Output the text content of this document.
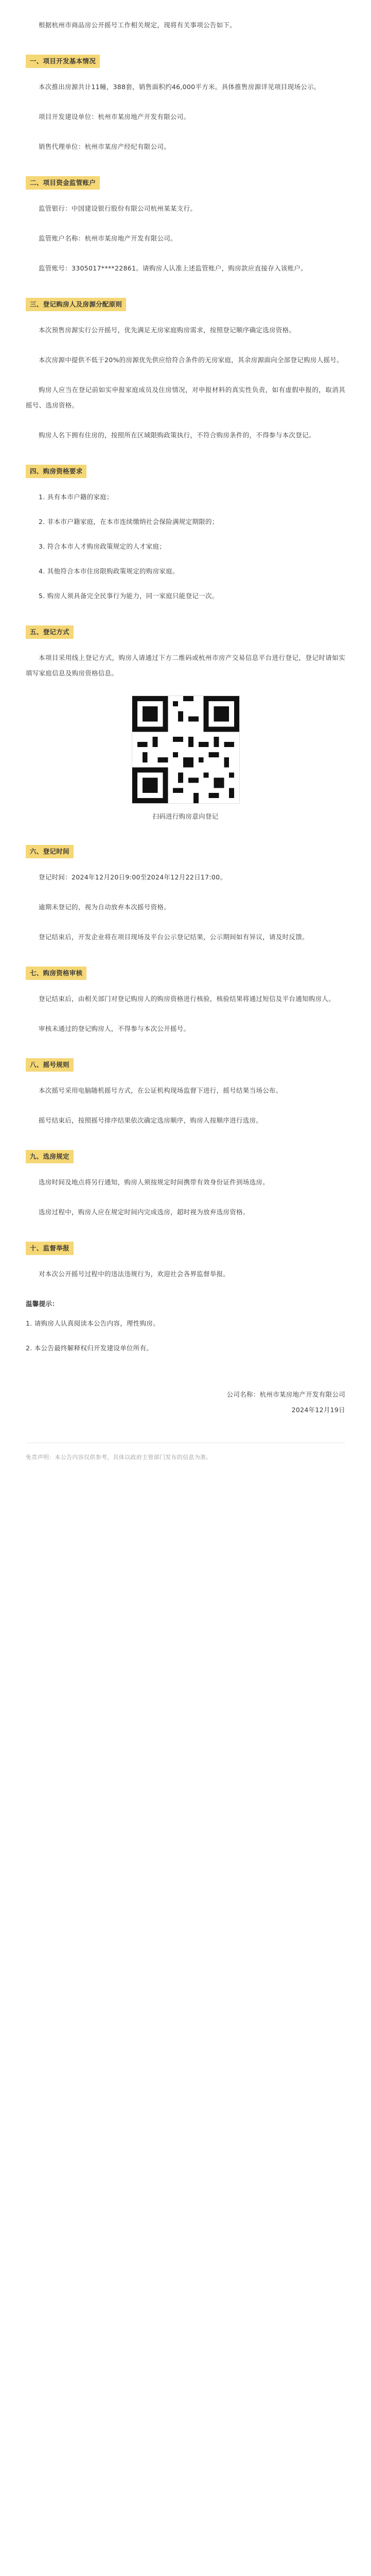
根据杭州市商品房公开摇号工作相关规定，现将有关事项公告如下。

一、项目开发基本情况

本次推出房源共计11幢，388套，销售面积约46,000平方米。具体推售房源详见项目现场公示。

项目开发建设单位：杭州市某房地产开发有限公司。

销售代理单位：杭州市某房产经纪有限公司。

二、项目资金监管账户

监管银行：中国建设银行股份有限公司杭州某某支行。

监管账户名称：杭州市某房地产开发有限公司。

监管账号：3305017****22861。请购房人认准上述监管账户，购房款应直接存入该账户。

三、登记购房人及房源分配原则

本次预售房源实行公开摇号，优先满足无房家庭购房需求，按照登记顺序确定选房资格。

本次房源中提供不低于20%的房源优先供应给符合条件的无房家庭，其余房源面向全部登记购房人摇号。

购房人应当在登记前如实申报家庭成员及住房情况，对申报材料的真实性负责，如有虚假申报的，取消其摇号、选房资格。

购房人名下拥有住房的，按照所在区域限购政策执行，不符合购房条件的，不得参与本次登记。

四、购房资格要求

1. 具有本市户籍的家庭；

2. 非本市户籍家庭，在本市连续缴纳社会保险满规定期限的；

3. 符合本市人才购房政策规定的人才家庭；

4. 其他符合本市住房限购政策规定的购房家庭。

5. 购房人须具备完全民事行为能力，同一家庭只能登记一次。

五、登记方式

本项目采用线上登记方式，购房人请通过下方二维码或杭州市房产交易信息平台进行登记，登记时请如实填写家庭信息及购房资格信息。

扫码进行购房意向登记
六、登记时间

登记时间：2024年12月20日9:00至2024年12月22日17:00。

逾期未登记的，视为自动放弃本次摇号资格。

登记结束后，开发企业将在项目现场及平台公示登记结果，公示期间如有异议，请及时反馈。

七、购房资格审核

登记结束后，由相关部门对登记购房人的购房资格进行核验，核验结果将通过短信及平台通知购房人。

审核未通过的登记购房人，不得参与本次公开摇号。

八、摇号规则

本次摇号采用电脑随机摇号方式，在公证机构现场监督下进行，摇号结果当场公布。

摇号结束后，按照摇号排序结果依次确定选房顺序，购房人按顺序进行选房。

九、选房规定

选房时间及地点将另行通知，购房人须按规定时间携带有效身份证件到场选房。

选房过程中，购房人应在规定时间内完成选房，超时视为放弃选房资格。

十、监督举报

对本次公开摇号过程中的违法违规行为，欢迎社会各界监督举报。

温馨提示：

1. 请购房人认真阅读本公告内容，理性购房。

2. 本公告最终解释权归开发建设单位所有。

公司名称：杭州市某房地产开发有限公司
2024年12月19日

免责声明：本公告内容仅供参考，具体以政府主管部门发布的信息为准。
